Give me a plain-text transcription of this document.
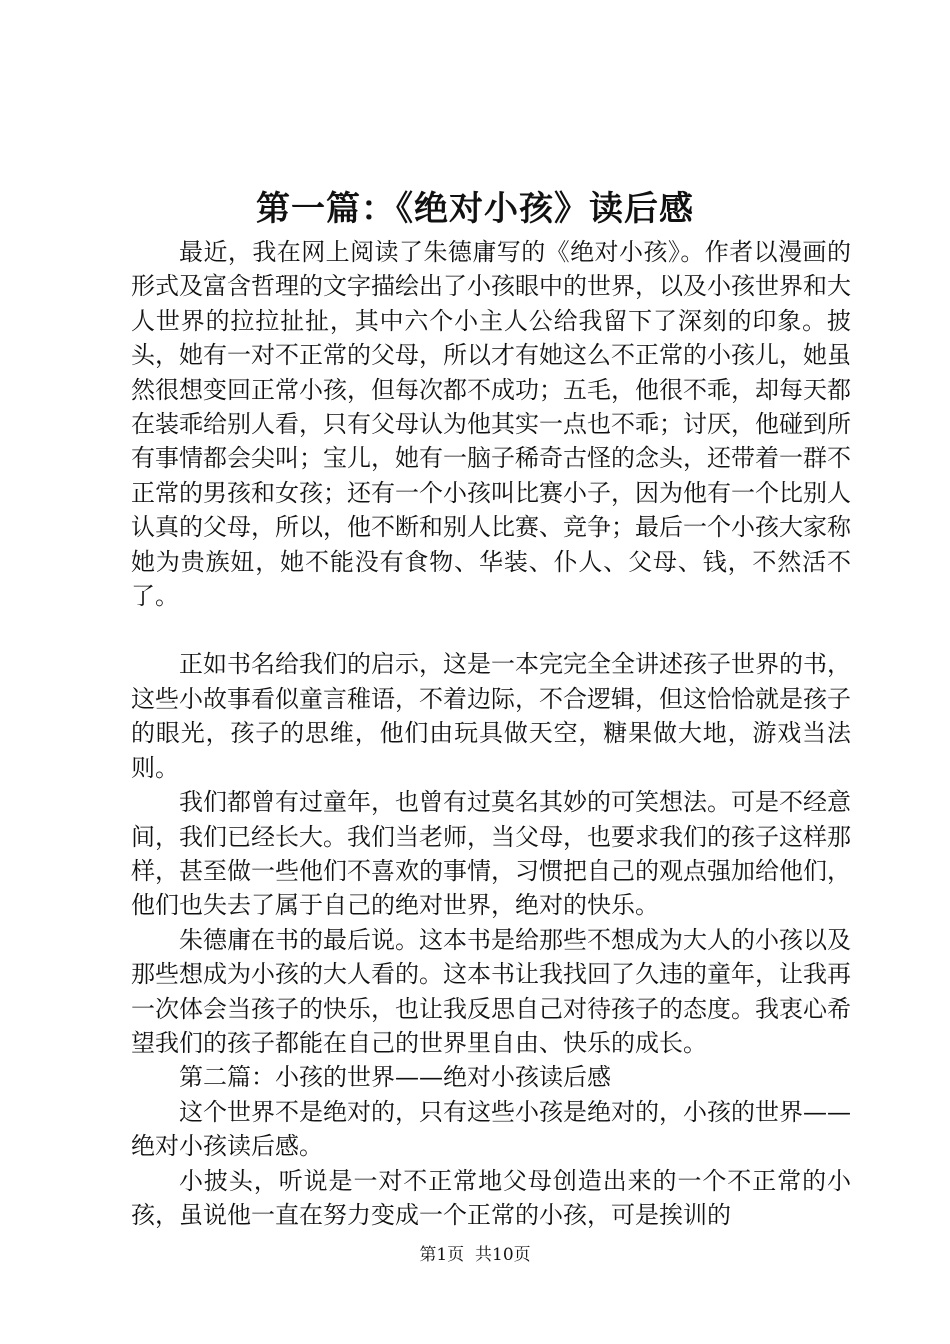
第一篇：《绝对小孩》读后感

最近，我在网上阅读了朱德庸写的《绝对小孩》。作者以漫画的形式及富含哲理的文字描绘出了小孩眼中的世界，以及小孩世界和大人世界的拉拉扯扯，其中六个小主人公给我留下了深刻的印象。披头，她有一对不正常的父母，所以才有她这么不正常的小孩儿，她虽然很想变回正常小孩，但每次都不成功；五毛，他很不乖，却每天都在装乖给别人看，只有父母认为他其实一点也不乖；讨厌，他碰到所有事情都会尖叫；宝儿，她有一脑子稀奇古怪的念头，还带着一群不正常的男孩和女孩；还有一个小孩叫比赛小子，因为他有一个比别人认真的父母，所以，他不断和别人比赛、竞争；最后一个小孩大家称她为贵族妞，她不能没有食物、华装、仆人、父母、钱，不然活不了。

正如书名给我们的启示，这是一本完完全全讲述孩子世界的书，这些小故事看似童言稚语，不着边际，不合逻辑，但这恰恰就是孩子的眼光，孩子的思维，他们由玩具做天空，糖果做大地，游戏当法则。

我们都曾有过童年，也曾有过莫名其妙的可笑想法。可是不经意间，我们已经长大。我们当老师，当父母，也要求我们的孩子这样那样，甚至做一些他们不喜欢的事情，习惯把自己的观点强加给他们，他们也失去了属于自己的绝对世界，绝对的快乐。

朱德庸在书的最后说。这本书是给那些不想成为大人的小孩以及那些想成为小孩的大人看的。这本书让我找回了久违的童年，让我再一次体会当孩子的快乐，也让我反思自己对待孩子的态度。我衷心希望我们的孩子都能在自己的世界里自由、快乐的成长。

第二篇：小孩的世界——绝对小孩读后感

这个世界不是绝对的，只有这些小孩是绝对的，小孩的世界——绝对小孩读后感。

小披头，听说是一对不正常地父母创造出来的一个不正常的小孩，虽说他一直在努力变成一个正常的小孩，可是挨训的

第1页 共10页
